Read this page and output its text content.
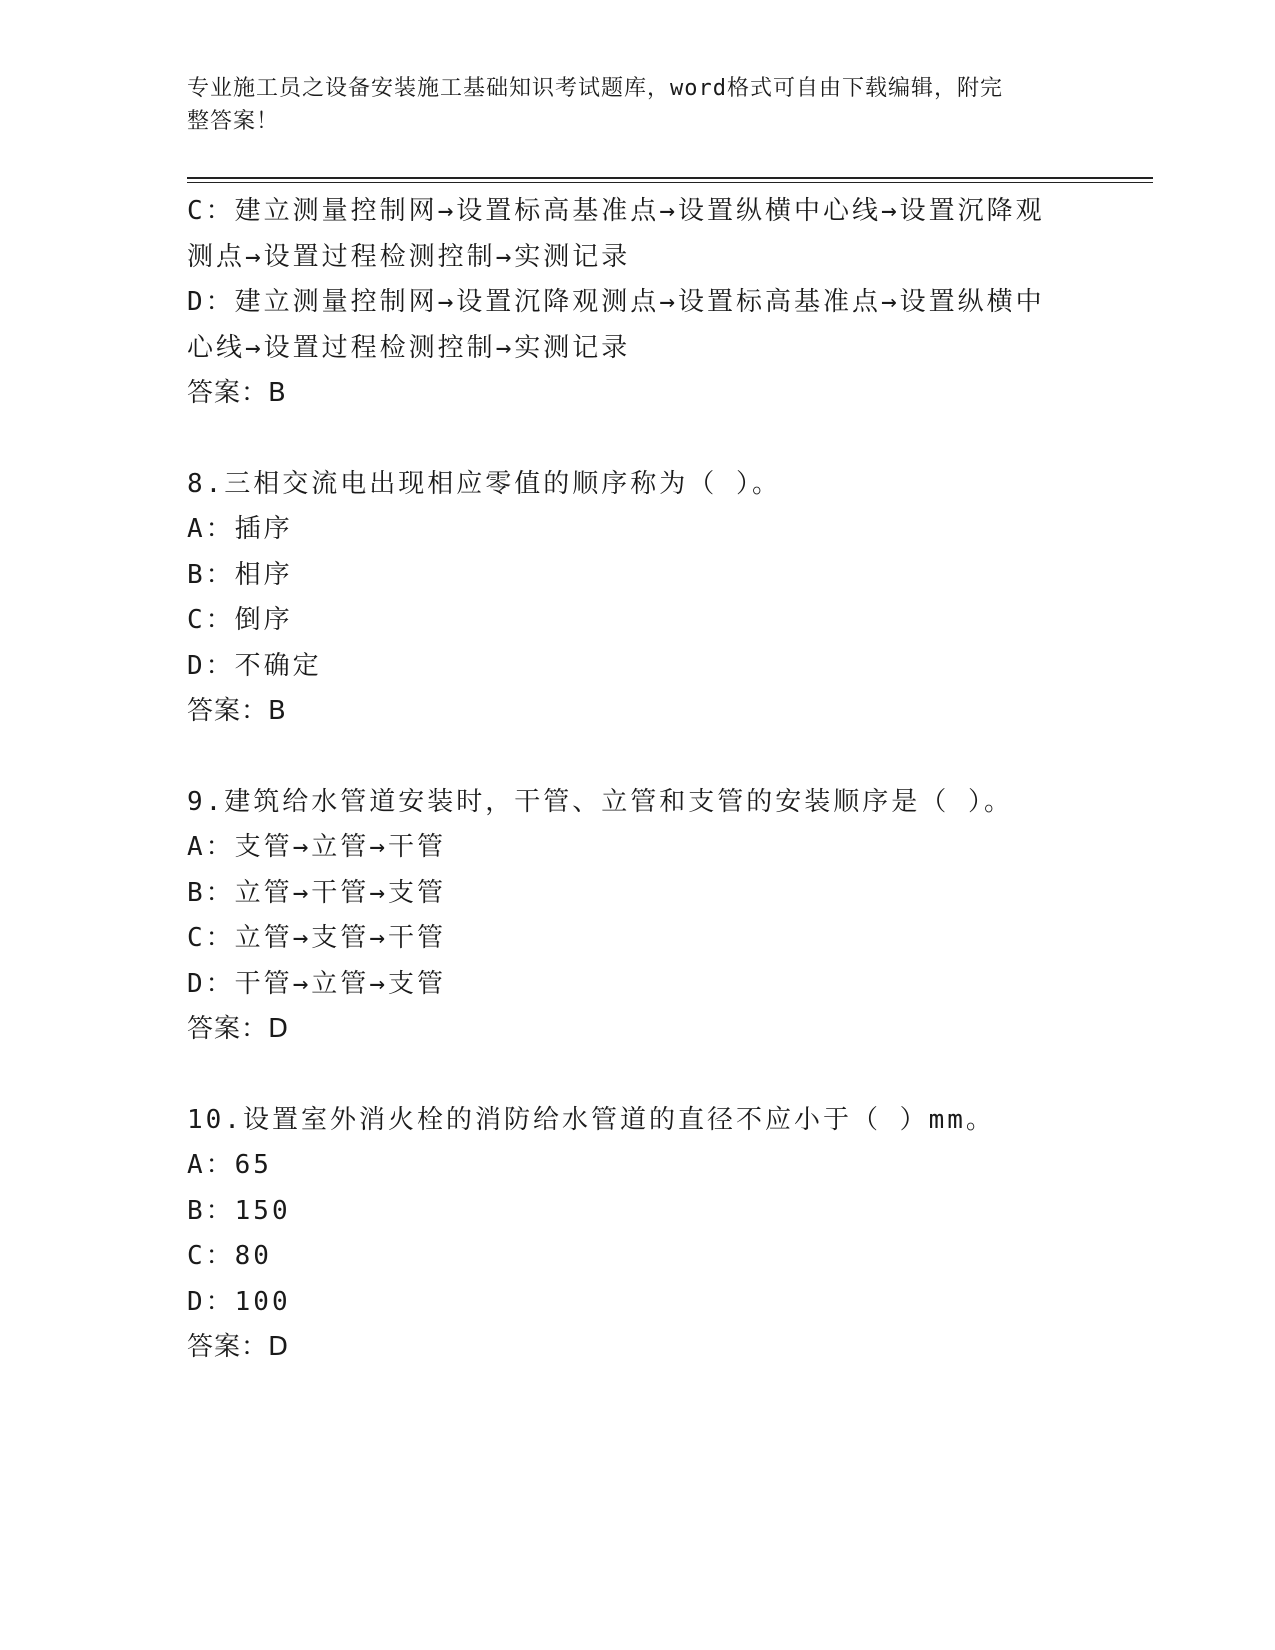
专业施工员之设备安装施工基础知识考试题库，word格式可自由下载编辑，附完
整答案！
C：建立测量控制网→设置标高基准点→设置纵横中心线→设置沉降观
测点→设置过程检测控制→实测记录
D：建立测量控制网→设置沉降观测点→设置标高基准点→设置纵横中
心线→设置过程检测控制→实测记录
答案：B
8.三相交流电出现相应零值的顺序称为（ ）。
A：插序
B：相序
C：倒序
D：不确定
答案：B
9.建筑给水管道安装时，干管、立管和支管的安装顺序是（ ）。
A：支管→立管→干管
B：立管→干管→支管
C：立管→支管→干管
D：干管→立管→支管
答案：D
10.设置室外消火栓的消防给水管道的直径不应小于（ ）mm。
A：65
B：150
C：80
D：100
答案：D
